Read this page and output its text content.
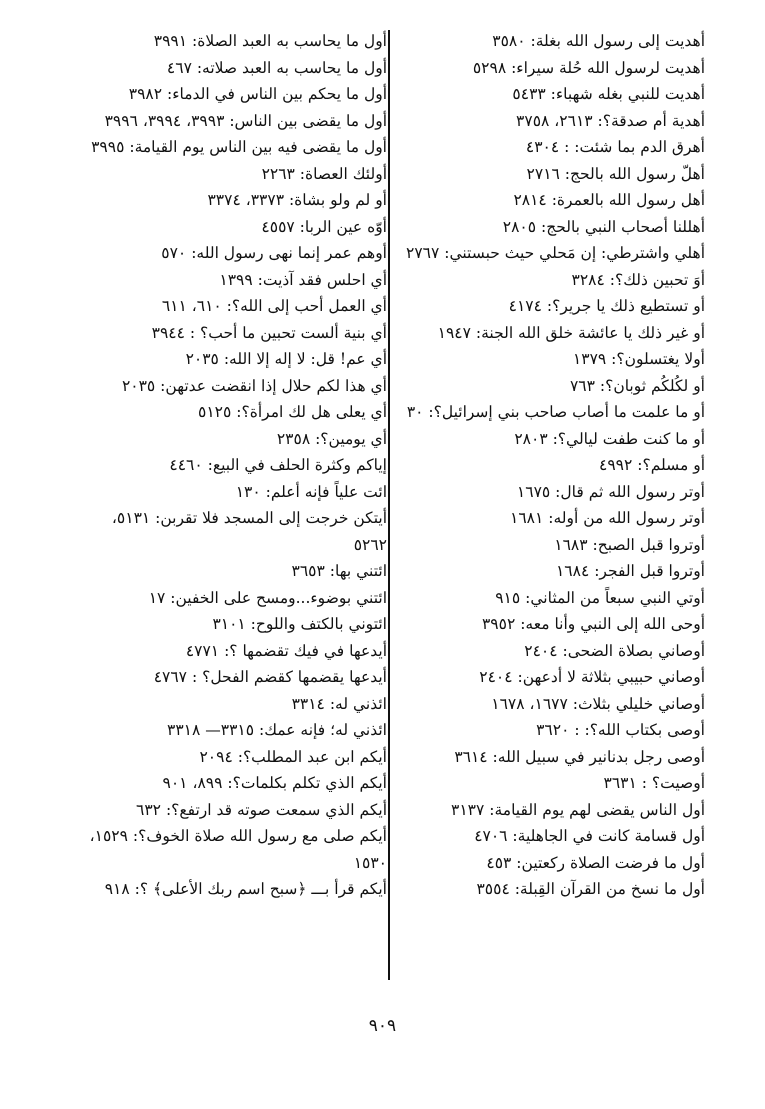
أهديت إلى رسول الله بغلة: ٣٥٨٠
أهديت لرسول الله حُلة سيراء: ٥٢٩٨
أهديت للنبي بغله شهباء: ٥٤٣٣
أهدية أم صدقة؟: ٢٦١٣، ٣٧٥٨
أهرق الدم بما شئت: : ٤٣٠٤
أهلّ رسول الله بالحج: ٢٧١٦
أهل رسول الله بالعمرة: ٢٨١٤
أهللنا أصحاب النبي بالحج: ٢٨٠٥
أهلي واشترطي: إن مَحلي حيث حبستني: ٢٧٦٧
أوَ تحبين ذلك؟: ٣٢٨٤
أو تستطيع ذلك يا جرير؟: ٤١٧٤
أو غير ذلك يا عائشة خلق الله الجنة: ١٩٤٧
أولا يغتسلون؟: ١٣٧٩
أو لكُلكُم ثوبان؟: ٧٦٣
أو ما علمت ما أصاب صاحب بني إسرائيل؟: ٣٠
أو ما كنت طفت ليالي؟: ٢٨٠٣
أو مسلم؟: ٤٩٩٢
أوتر رسول الله ثم قال: ١٦٧٥
أوتر رسول الله من أوله: ١٦٨١
أوتروا قبل الصبح: ١٦٨٣
أوتروا قبل الفجر: ١٦٨٤
أوتي النبي سبعاً من المثاني: ٩١٥
أوحى الله إلى النبي وأنا معه: ٣٩٥٢
أوصاني بصلاة الضحى: ٢٤٠٤
أوصاني حبيبي بثلاثة لا أدعهن: ٢٤٠٤
أوصاني خليلي بثلاث: ١٦٧٧، ١٦٧٨
أوصى بكتاب الله؟: : ٣٦٢٠
أوصى رجل بدنانير في سبيل الله: ٣٦١٤
أوصيت؟ : ٣٦٣١
أول الناس يقضى لهم يوم القيامة: ٣١٣٧
أول قسامة كانت في الجاهلية: ٤٧٠٦
أول ما فرضت الصلاة ركعتين: ٤٥٣
أول ما نسخ من القرآن القِبلة: ٣٥٥٤
أول ما يحاسب به العبد الصلاة: ٣٩٩١
أول ما يحاسب به العبد صلاته: ٤٦٧
أول ما يحكم بين الناس في الدماء: ٣٩٨٢
أول ما يقضى بين الناس: ٣٩٩٣، ٣٩٩٤، ٣٩٩٦
أول ما يقضى فيه بين الناس يوم القيامة: ٣٩٩٥
أولئك العصاة: ٢٢٦٣
أو لم ولو بشاة: ٣٣٧٣، ٣٣٧٤
أوّه عين الربا: ٤٥٥٧
أوهم عمر إنما نهى رسول الله: ٥٧٠
أي احلس فقد آذيت: ١٣٩٩
أي العمل أحب إلى الله؟: ٦١٠، ٦١١
أي بنية ألست تحبين ما أحب؟ : ٣٩٤٤
أي عم! قل: لا إله إلا الله: ٢٠٣٥
أي هذا لكم حلال إذا انقضت عدتهن: ٢٠٣٥
أي يعلى هل لك امرأة؟: ٥١٢٥
أي يومين؟: ٢٣٥٨
إياكم وكثرة الحلف في البيع: ٤٤٦٠
ائت علياً فإنه أعلم: ١٣٠
أيتكن خرجت إلى المسجد فلا تقربن: ٥١٣١،
٥٢٦٢
ائتني بها: ٣٦٥٣
ائتني بوضوء...ومسح على الخفين: ١٧
ائتوني بالكتف واللوح: ٣١٠١
أيدعها في فيك تقضمها ؟: ٤٧٧١
أيدعها يقضمها كقضم الفحل؟ : ٤٧٦٧
ائذني له: ٣٣١٤
ائذني له؛ فإنه عمك: ٣٣١٥— ٣٣١٨
أيكم ابن عبد المطلب؟: ٢٠٩٤
أيكم الذي تكلم بكلمات؟: ٨٩٩، ٩٠١
أيكم الذي سمعت صوته قد ارتفع؟: ٦٣٢
أيكم صلى مع رسول الله صلاة الخوف؟: ١٥٢٩،
١٥٣٠
أيكم قرأ بـــ ﴿سبح اسم ربك الأعلى﴾ ؟: ٩١٨
٩٠٩
